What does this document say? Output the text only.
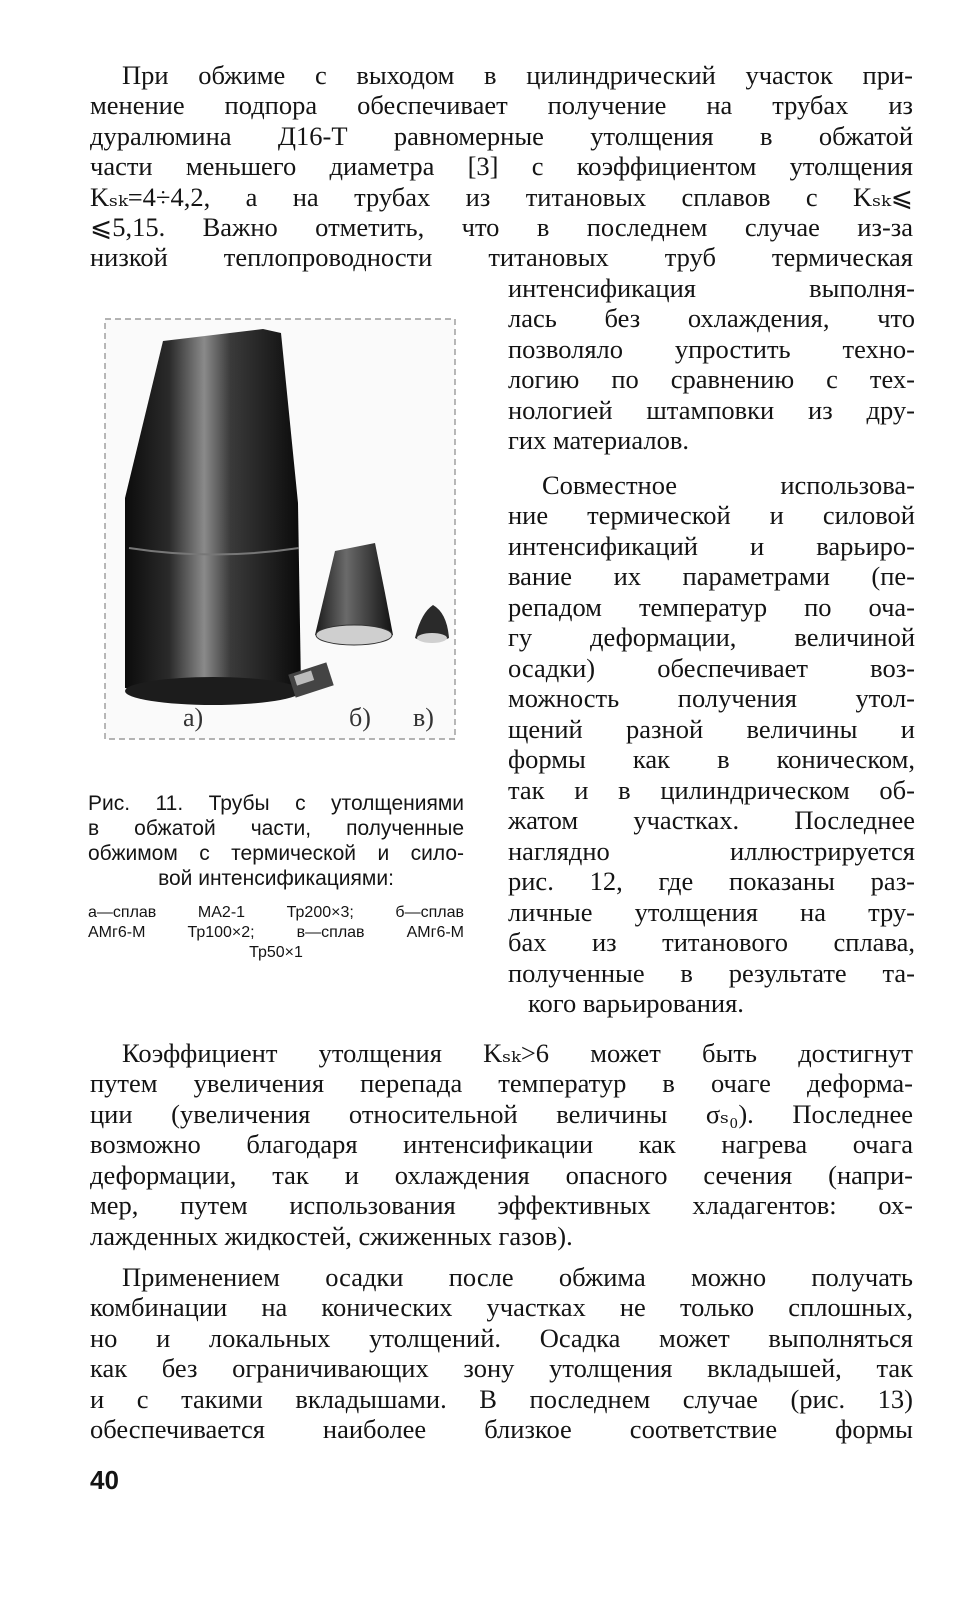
При обжиме с выходом в цилиндрический участок при-
менение подпора обеспечивает получение на трубах из
дуралюмина Д16-Т равномерные утолщения в обжатой
части меньшего диаметра [3] с коэффициентом утолщения
Kₛₖ=4÷4,2, а на трубах из титановых сплавов с Kₛₖ⩽
⩽5,15. Важно отметить, что в последнем случае из-за
низкой теплопроводности титановых труб термическая
интенсификация выполня-
лась без охлаждения, что
позволяло упростить техно-
логию по сравнению с тех-
нологией штамповки из дру-
гих материалов.
Совместное использова-
ние термической и силовой
интенсификаций и варьиро-
вание их параметрами (пе-
репадом температур по оча-
гу деформации, величиной
осадки) обеспечивает воз-
можность получения утол-
щений разной величины и
формы как в коническом,
так и в цилиндрическом об-
жатом участках. Последнее
наглядно иллюстрируется
рис. 12, где показаны раз-
личные утолщения на тру-
бах из титанового сплава,
полученные в результате та-
кого варьирования.
a)	б) в)
Рис. 11. Трубы с утолщениями
в обжатой части, полученные
обжимом с термической и сило-
вой интенсификациями:
а—сплав МА2-1 Тр200×3; б—сплав
АМг6-М Тр100×2; в—сплав АМг6-М
Тр50×1
Коэффициент утолщения Kₛₖ>6 может быть достигнут
путем увеличения перепада температур в очаге деформа-
ции (увеличения относительной величины σₛ₀). Последнее
возможно благодаря интенсификации как нагрева очага
деформации, так и охлаждения опасного сечения (напри-
мер, путем использования эффективных хладагентов: ох-
лажденных жидкостей, сжиженных газов).
Применением осадки после обжима можно получать
комбинации на конических участках не только сплошных,
но и локальных утолщений. Осадка может выполняться
как без ограничивающих зону утолщения вкладышей, так
и с такими вкладышами. В последнем случае (рис. 13)
обеспечивается наиболее близкое соответствие формы
40
